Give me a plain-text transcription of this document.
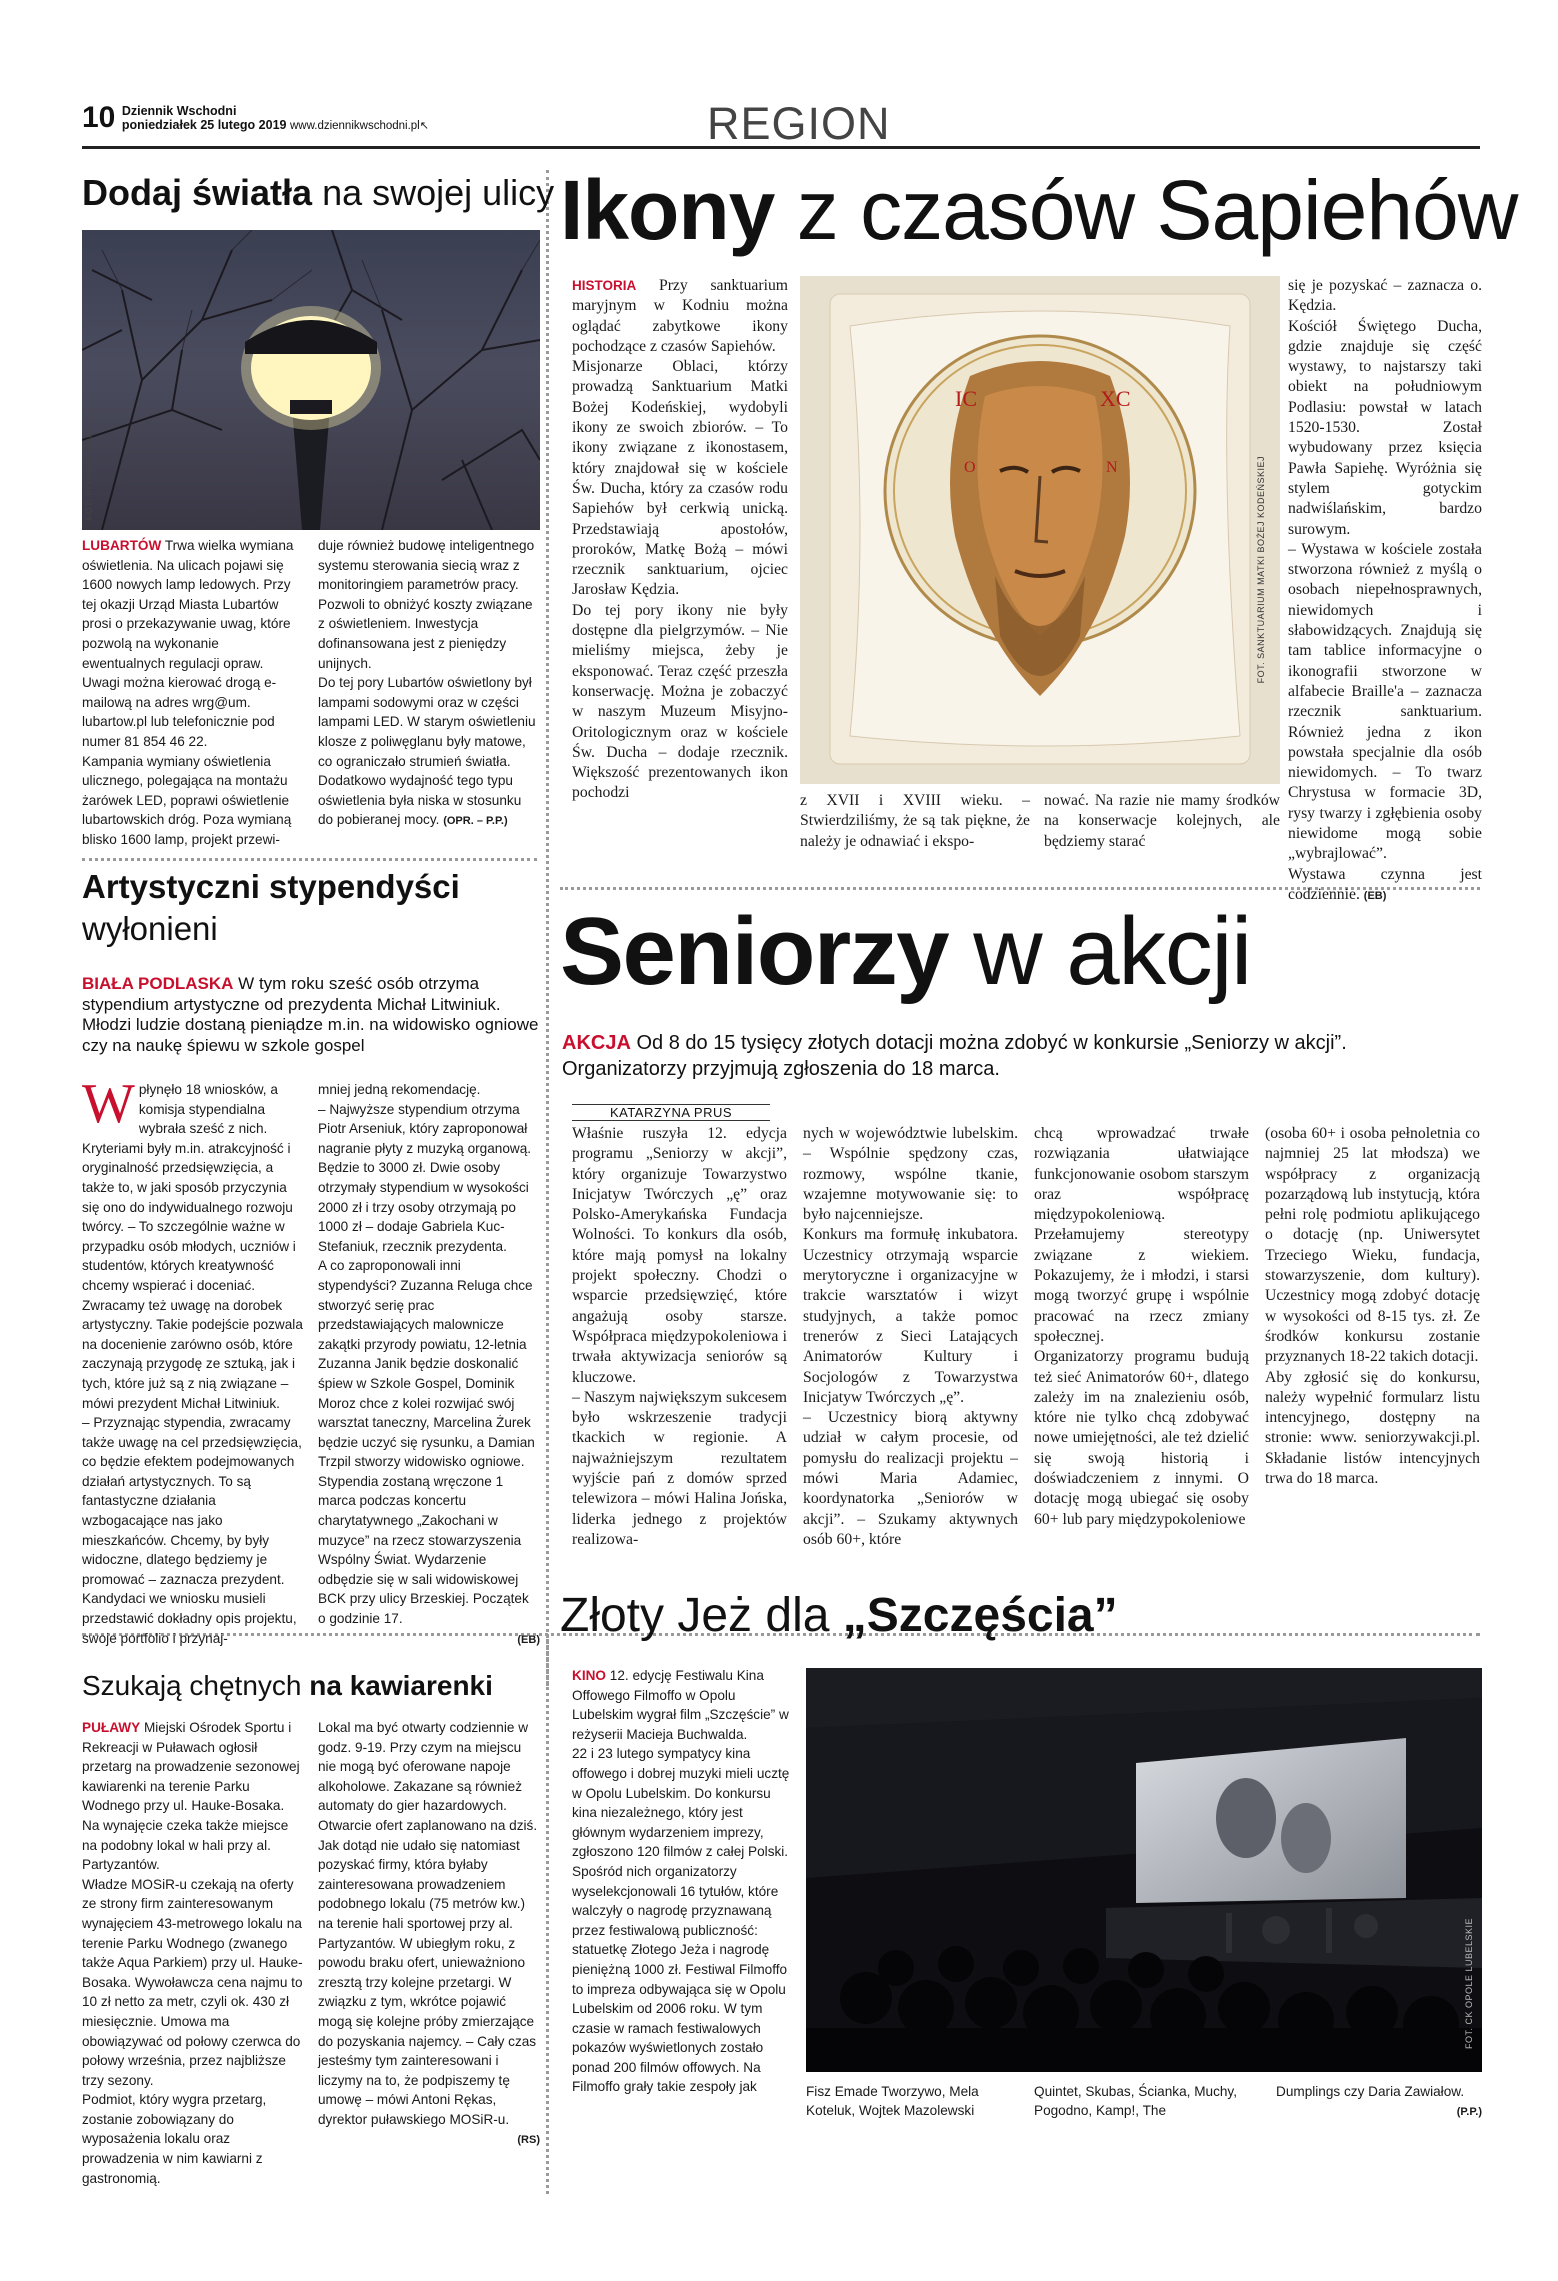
10 Dziennik Wschodni
poniedziałek 25 lutego 2019 www.dziennikwschodni.pl↖	REGION
Dodaj światła na swojej ulicy
FOT. PIXABAY.COM
LUBARTÓW Trwa wielka wymiana oświetlenia. Na ulicach pojawi się 1600 nowych lamp ledowych. Przy tej okazji Urząd Miasta Lubartów prosi o przekazywanie uwag, które pozwolą na wykonanie ewentualnych regulacji opraw.
Uwagi można kierować drogą e-mailową na adres wrg@um. lubartow.pl lub telefonicznie pod numer 81 854 46 22.
Kampania wymiany oświetlenia ulicznego, polegająca na montażu żarówek LED, poprawi oświetlenie lubartowskich dróg. Poza wymianą blisko 1600 lamp, projekt przewi-
duje również budowę inteligentnego systemu sterowania siecią wraz z monitoringiem parametrów pracy. Pozwoli to obniżyć koszty związane z oświetleniem. Inwestycja dofinansowana jest z pieniędzy unijnych.
Do tej pory Lubartów oświetlony był lampami sodowymi oraz w części lampami LED. W starym oświetleniu klosze z poliwęglanu były matowe, co ograniczało strumień światła. Dodatkowo wydajność tego typu oświetlenia była niska w stosunku do pobieranej mocy. (OPR. – P.P.)
Ikony z czasów Sapiehów
HISTORIA Przy sanktuarium maryjnym w Kodniu można oglądać zabytkowe ikony pochodzące z czasów Sapiehów.
Misjonarze Oblaci, którzy prowadzą Sanktuarium Matki Bożej Kodeńskiej, wydobyli ikony ze swoich zbiorów. – To ikony związane z ikonostasem, który znajdował się w kościele Św. Ducha, który za czasów rodu Sapiehów był cerkwią unicką. Przedstawiają apostołów, proroków, Matkę Bożą – mówi rzecznik sanktuarium, ojciec Jarosław Kędzia.
Do tej pory ikony nie były dostępne dla pielgrzymów. – Nie mieliśmy miejsca, żeby je eksponować. Teraz część przeszła konserwację. Można je zobaczyć w naszym Muzeum Misyjno-Oritologicznym oraz w kościele Św. Ducha – dodaje rzecznik. Większość prezentowanych ikon pochodzi
IC	XC
O	N	FOT. SANKTUARIUM MATKI BOŻEJ KODEŃSKIEJ
z XVII i XVIII wieku. – Stwierdziliśmy, że są tak piękne, że należy je odnawiać i ekspo-
nować. Na razie nie mamy środków na konserwacje kolejnych, ale będziemy starać
się je pozyskać – zaznacza o. Kędzia.
Kościół Świętego Ducha, gdzie znajduje się część wystawy, to najstarszy taki obiekt na południowym Podlasiu: powstał w latach 1520-1530. Został wybudowany przez księcia Pawła Sapiehę. Wyróżnia się stylem gotyckim nadwiślańskim, bardzo surowym.
– Wystawa w kościele została stworzona również z myślą o osobach niepełnosprawnych, niewidomych i słabowidzących. Znajdują się tam tablice informacyjne o ikonografii stworzone w alfabecie Braille'a – zaznacza rzecznik sanktuarium. Również jedna z ikon powstała specjalnie dla osób niewidomych. – To twarz Chrystusa w formacie 3D, rysy twarzy i zgłębienia osoby niewidome mogą sobie „wybrajlować”.
Wystawa czynna jest codziennie. (EB)
Artystyczni stypendyści
wyłonieni
BIAŁA PODLASKA W tym roku sześć osób otrzyma stypendium artystyczne od prezydenta Michał Litwiniuk. Młodzi ludzie dostaną pieniądze m.in. na widowisko ogniowe czy na naukę śpiewu w szkole gospel
W płynęło 18 wniosków, a komisja stypendialna wybrała sześć z nich. Kryteriami były m.in. atrakcyjność i oryginalność przedsięwzięcia, a także to, w jaki sposób przyczynia się ono do indywidualnego rozwoju twórcy. – To szczególnie ważne w przypadku osób młodych, uczniów i studentów, których kreatywność chcemy wspierać i doceniać. Zwracamy też uwagę na dorobek artystyczny. Takie podejście pozwala na docenienie zarówno osób, które zaczynają przygodę ze sztuką, jak i tych, które już są z nią związane – mówi prezydent Michał Litwiniuk.
– Przyznając stypendia, zwracamy także uwagę na cel przedsięwzięcia, co będzie efektem podejmowanych działań artystycznych. To są fantastyczne działania wzbogacające nas jako mieszkańców. Chcemy, by były widoczne, dlatego będziemy je promować – zaznacza prezydent.
Kandydaci we wniosku musieli przedstawić dokładny opis projektu, swoje portfolio i przynaj-
mniej jedną rekomendację.
– Najwyższe stypendium otrzyma Piotr Arseniuk, który zaproponował nagranie płyty z muzyką organową. Będzie to 3000 zł. Dwie osoby otrzymały stypendium w wysokości 2000 zł i trzy osoby otrzymają po 1000 zł – dodaje Gabriela Kuc-Stefaniuk, rzecznik prezydenta.
A co zaproponowali inni stypendyści? Zuzanna Reluga chce stworzyć serię prac przedstawiających malownicze zakątki przyrody powiatu, 12-letnia Zuzanna Janik będzie doskonalić śpiew w Szkole Gospel, Dominik Moroz chce z kolei rozwijać swój warsztat taneczny, Marcelina Żurek będzie uczyć się rysunku, a Damian Trzpil stworzy widowisko ogniowe. Stypendia zostaną wręczone 1 marca podczas koncertu charytatywnego „Zakochani w muzyce” na rzecz stowarzyszenia Wspólny Świat. Wydarzenie odbędzie się w sali widowiskowej BCK przy ulicy Brzeskiej. Początek o godzinie 17.
(EB)
Seniorzy w akcji
AKCJA Od 8 do 15 tysięcy złotych dotacji można zdobyć w konkursie „Seniorzy w akcji”. Organizatorzy przyjmują zgłoszenia do 18 marca.
KATARZYNA PRUS
Właśnie ruszyła 12. edycja programu „Seniorzy w akcji”, który organizuje Towarzystwo Inicjatyw Twórczych „ę” oraz Polsko-Amerykańska Fundacja Wolności. To konkurs dla osób, które mają pomysł na lokalny projekt społeczny. Chodzi o wsparcie przedsięwzięć, które angażują osoby starsze. Współpraca międzypokoleniowa i trwała aktywizacja seniorów są kluczowe.
– Naszym największym sukcesem było wskrzeszenie tradycji tkackich w regionie. A najważniejszym rezultatem wyjście pań z domów sprzed telewizora – mówi Halina Jońska, liderka jednego z projektów realizowa-
nych w województwie lubelskim. – Wspólnie spędzony czas, rozmowy, wspólne tkanie, wzajemne motywowanie się: to było najcenniejsze.
Konkurs ma formułę inkubatora. Uczestnicy otrzymają wsparcie merytoryczne i organizacyjne w trakcie warsztatów i wizyt studyjnych, a także pomoc trenerów z Sieci Latających Animatorów Kultury i Socjologów z Towarzystwa Inicjatyw Twórczych „ę”.
– Uczestnicy biorą aktywny udział w całym procesie, od pomysłu do realizacji projektu – mówi Maria Adamiec, koordynatorka „Seniorów w akcji”. – Szukamy aktywnych osób 60+, które
chcą wprowadzać trwałe rozwiązania ułatwiające funkcjonowanie osobom starszym oraz współpracę międzypokoleniową. Przełamujemy stereotypy związane z wiekiem. Pokazujemy, że i młodzi, i starsi mogą tworzyć grupę i wspólnie pracować na rzecz zmiany społecznej.
Organizatorzy programu budują też sieć Animatorów 60+, dlatego zależy im na znalezieniu osób, które nie tylko chcą zdobywać nowe umiejętności, ale też dzielić się swoją historią i doświadczeniem z innymi. O dotację mogą ubiegać się osoby 60+ lub pary międzypokoleniowe
(osoba 60+ i osoba pełnoletnia co najmniej 25 lat młodsza) we współpracy z organizacją pozarządową lub instytucją, która pełni rolę podmiotu aplikującego o dotację (np. Uniwersytet Trzeciego Wieku, fundacja, stowarzyszenie, dom kultury). Uczestnicy mogą zdobyć dotację w wysokości od 8-15 tys. zł. Ze środków konkursu zostanie przyznanych 18-22 takich dotacji.
Aby zgłosić się do konkursu, należy wypełnić formularz listu intencyjnego, dostępny na stronie: www. seniorzywakcji.pl. Składanie listów intencyjnych trwa do 18 marca.
Szukają chętnych na kawiarenki
PUŁAWY Miejski Ośrodek Sportu i Rekreacji w Puławach ogłosił przetarg na prowadzenie sezonowej kawiarenki na terenie Parku Wodnego przy ul. Hauke-Bosaka. Na wynajęcie czeka także miejsce na podobny lokal w hali przy al. Partyzantów.
Władze MOSiR-u czekają na oferty ze strony firm zainteresowanym wynajęciem 43-metrowego lokalu na terenie Parku Wodnego (zwanego także Aqua Parkiem) przy ul. Hauke-Bosaka. Wywoławcza cena najmu to 10 zł netto za metr, czyli ok. 430 zł miesięcznie. Umowa ma obowiązywać od połowy czerwca do połowy września, przez najbliższe trzy sezony.
Podmiot, który wygra przetarg, zostanie zobowiązany do wyposażenia lokalu oraz prowadzenia w nim kawiarni z gastronomią.
Lokal ma być otwarty codziennie w godz. 9-19. Przy czym na miejscu nie mogą być oferowane napoje alkoholowe. Zakazane są również automaty do gier hazardowych. Otwarcie ofert zaplanowano na dziś.
Jak dotąd nie udało się natomiast pozyskać firmy, która byłaby zainteresowana prowadzeniem podobnego lokalu (75 metrów kw.) na terenie hali sportowej przy al. Partyzantów. W ubiegłym roku, z powodu braku ofert, unieważniono zresztą trzy kolejne przetargi. W związku z tym, wkrótce pojawić mogą się kolejne próby zmierzające do pozyskania najemcy. – Cały czas jesteśmy tym zainteresowani i liczymy na to, że podpiszemy tę umowę – mówi Antoni Rękas, dyrektor puławskiego MOSiR-u.
(RS)
Złoty Jeż dla „Szczęścia”
KINO 12. edycję Festiwalu Kina Offowego Filmoffo w Opolu Lubelskim wygrał film „Szczęście” w reżyserii Macieja Buchwalda.
22 i 23 lutego sympatycy kina offowego i dobrej muzyki mieli ucztę w Opolu Lubelskim. Do konkursu kina niezależnego, który jest głównym wydarzeniem imprezy, zgłoszono 120 filmów z całej Polski. Spośród nich organizatorzy wyselekcjonowali 16 tytułów, które walczyły o nagrodę przyznawaną przez festiwalową publiczność: statuetkę Złotego Jeża i nagrodę pieniężną 1000 zł. Festiwal Filmoffo to impreza odbywająca się w Opolu Lubelskim od 2006 roku. W tym czasie w ramach festiwalowych pokazów wyświetlonych zostało ponad 200 filmów offowych. Na Filmoffo grały takie zespoły jak
FOT. CK OPOLE LUBELSKIE
Fisz Emade Tworzywo, Mela Koteluk, Wojtek Mazolewski
Quintet, Skubas, Ścianka, Muchy, Pogodno, Kamp!, The
Dumplings czy Daria Zawiałow.
(P.P.)
